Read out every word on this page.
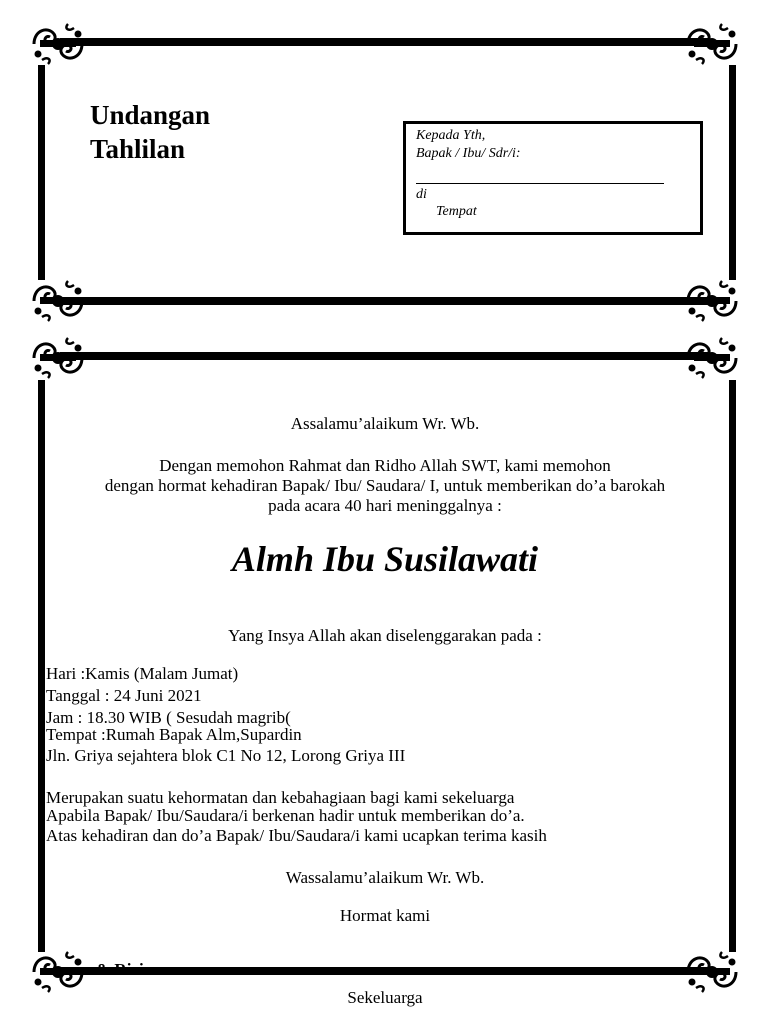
Undangan
Tahlilan	Kepada Yth,
Bapak / Ibu/ Sdr/i:
di
Tempat
Assalamu’alaikum Wr. Wb.
Dengan memohon Rahmat dan Ridho Allah SWT, kami memohon
dengan hormat kehadiran Bapak/ Ibu/ Saudara/ I, untuk memberikan do’a barokah
pada acara 40 hari meninggalnya :
Almh Ibu Susilawati
Yang Insya Allah akan diselenggarakan pada :
Hari :Kamis (Malam Jumat)
Tanggal : 24 Juni 2021
Jam : 18.30 WIB ( Sesudah magrib(
Tempat :Rumah Bapak Alm,Supardin
Jln. Griya sejahtera blok C1 No 12, Lorong Griya III
Merupakan suatu kehormatan dan kebahagiaan bagi kami sekeluarga
Apabila Bapak/ Ibu/Saudara/i berkenan hadir untuk memberikan do’a.
Atas kehadiran dan do’a Bapak/ Ibu/Saudara/i kami ucapkan terima kasih
Wassalamu’alaikum Wr. Wb.
Hormat kami
& Ririn
Sekeluarga
